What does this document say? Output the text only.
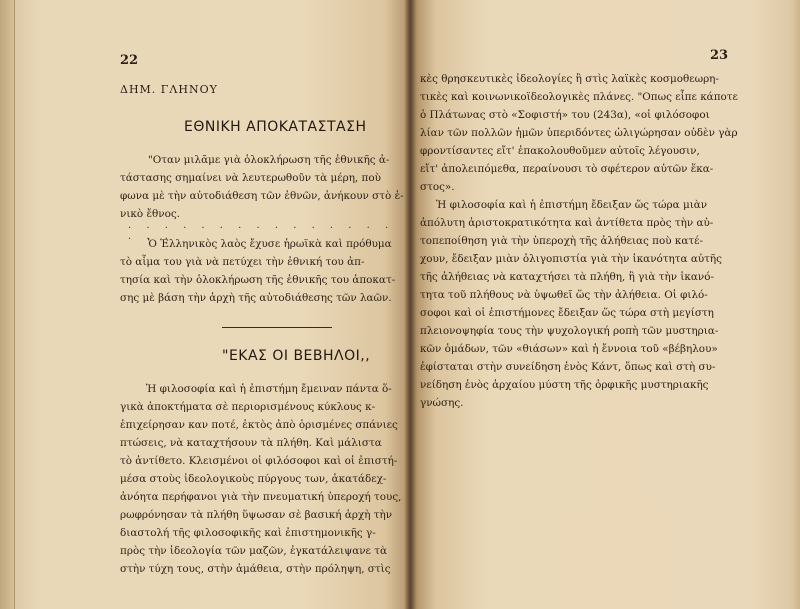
22
ΔΗΜ. ΓΛΗΝΟΥ
ΕΘΝΙΚΗ ΑΠΟΚΑΤΑΣΤΑΣΗ
"Οταν μιλᾶμε γιὰ ὁλοκλήρωση τῆς ἐθνικῆς ἀ-
τάστασης σημαίνει νὰ λευτερωθοῦν τὰ μέρη, ποὺ
φωνα μὲ τὴν αὐτοδιάθεση τῶν ἐθνῶν, ἀνήκουν στὸ ἑ-
νικὸ ἔθνος.
. . . . . . . . . . . . . . . . . .
Ὁ Ἑλληνικὸς λαὸς ἔχυσε ἡρωϊκὰ καὶ πρόθυμα
τὸ αἷμα του γιὰ νὰ πετύχει τὴν ἐθνική του ἀπ-
τησία καὶ τὴν ὁλοκλήρωση τῆς ἐθνικῆς του ἀποκατ-
σης μὲ βάση τὴν ἀρχὴ τῆς αὐτοδιάθεσης τῶν λαῶν.
"ΕΚΑΣ ΟΙ ΒΕΒΗΛΟΙ,,
Ἡ φιλοσοφία καὶ ἡ ἐπιστήμη ἔμειναν πάντα ὅ-
γικὰ ἀποκτήματα σὲ περιορισμένους κύκλους κ-
ἐπιχείρησαν καν ποτέ, ἐκτὸς ἀπὸ ὁρισμένες σπάνιες
πτώσεις, νὰ καταχτήσουν τὰ πλήθη. Καὶ μάλιστα
τὸ ἀντίθετο. Κλεισμένοι οἱ φιλόσοφοι καὶ οἱ ἐπιστή-
μέσα στοὺς ἰδεολογικοὺς πύργους των, ἀκατάδεχ-
ἀνόητα περήφανοι γιὰ τὴν πνευματική ὑπεροχή τους,
ρωφρόνησαν τὰ πλήθη ὕψωσαν σὲ βασική ἀρχὴ τὴν
διαστολή τῆς φιλοσοφικῆς καὶ ἐπιστημονικῆς γ-
πρὸς τὴν ἰδεολογία τῶν μαζῶν, ἐγκατάλειψανε τὰ
στὴν τύχη τους, στὴν ἀμάθεια, στὴν πρόληψη, στὶς
23
κὲς θρησκευτικὲς ἰδεολογίες ἢ στὶς λαϊκὲς κοσμοθεωρη-
τικὲς καὶ κοινωνικοϊδεολογικὲς πλάνες. "Οπως εἶπε κάποτε
ὁ Πλάτωνας στὸ «Σοφιστή» του (243α), «οἱ φιλόσοφοι
λίαν τῶν πολλῶν ἡμῶν ὑπεριδόντες ὠλιγώρησαν οὐδὲν γὰρ
φροντίσαντες εἴτ' ἐπακολουθοῦμεν αὐτοῖς λέγουσιν,
εἴτ' ἀπολειπόμεθα, περαίνουσι τὸ σφέτερον αὐτῶν ἕκα-
στος».
Ἡ φιλοσοφία καὶ ἡ ἐπιστήμη ἔδειξαν ὥς τώρα μιὰν
ἀπόλυτη ἀριστοκρατικότητα καὶ ἀντίθετα πρὸς τὴν αὐ-
τοπεποίθηση γιὰ τὴν ὑπεροχὴ τῆς ἀλήθειας ποὺ κατέ-
χουν, ἔδειξαν μιὰν ὀλιγοπιστία γιὰ τὴν ἱκανότητα αὐτῆς
τῆς ἀλήθειας νὰ καταχτήσει τὰ πλήθη, ἢ γιὰ τὴν ἱκανό-
τητα τοῦ πλήθους νὰ ὑψωθεῖ ὥς τὴν ἀλήθεια. Οἱ φιλό-
σοφοι καὶ οἱ ἐπιστήμονες ἔδειξαν ὥς τώρα στὴ μεγίστη
πλειονοψηφία τους τὴν ψυχολογική ροπὴ τῶν μυστηρια-
κῶν ὁμάδων, τῶν «θιάσων» καὶ ἡ ἔννοια τοῦ «βέβηλου»
ἐφίσταται στὴν συνείδηση ἑνὸς Κάντ, ὅπως καὶ στὴ συ-
νείδηση ἑνὸς ἀρχαίου μύστη τῆς ὀρφικῆς μυστηριακῆς
γνώσης.
